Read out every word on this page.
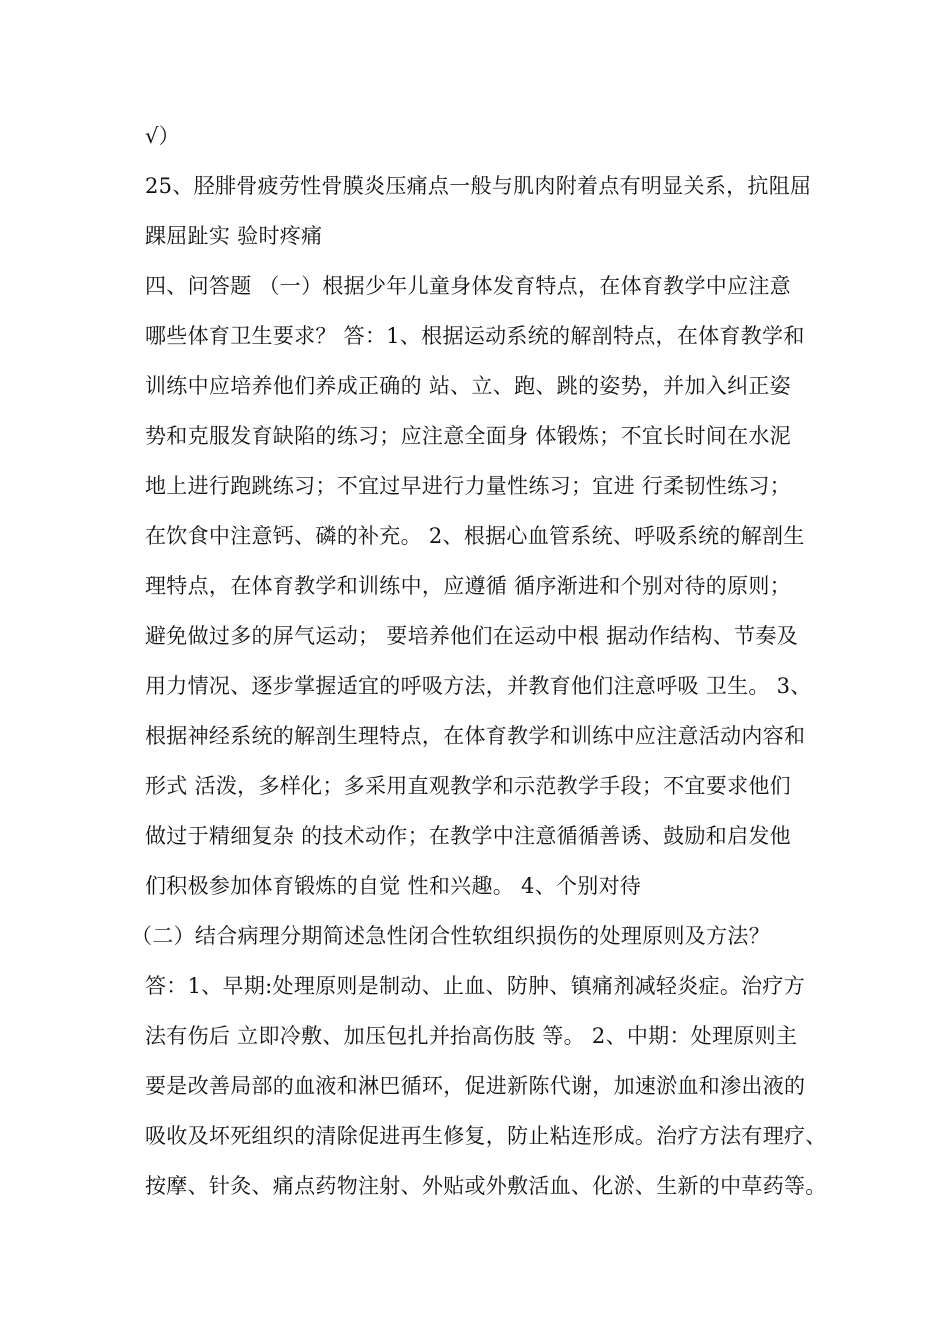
√）
25、胫腓骨疲劳性骨膜炎压痛点一般与肌肉附着点有明显关系，抗阻屈
踝屈趾实 验时疼痛
四、问答题 （一）根据少年儿童身体发育特点，在体育教学中应注意
哪些体育卫生要求？ 答：1、根据运动系统的解剖特点，在体育教学和
训练中应培养他们养成正确的 站、立、跑、跳的姿势，并加入纠正姿
势和克服发育缺陷的练习；应注意全面身 体锻炼；不宜长时间在水泥
地上进行跑跳练习；不宜过早进行力量性练习；宜进 行柔韧性练习；
在饮食中注意钙、磷的补充。 2、根据心血管系统、呼吸系统的解剖生
理特点，在体育教学和训练中，应遵循 循序渐进和个别对待的原则；
避免做过多的屏气运动； 要培养他们在运动中根 据动作结构、节奏及
用力情况、逐步掌握适宜的呼吸方法，并教育他们注意呼吸 卫生。 3、
根据神经系统的解剖生理特点，在体育教学和训练中应注意活动内容和
形式 活泼，多样化；多采用直观教学和示范教学手段；不宜要求他们
做过于精细复杂 的技术动作；在教学中注意循循善诱、鼓励和启发他
们积极参加体育锻炼的自觉 性和兴趣。 4、个别对待
（二）结合病理分期简述急性闭合性软组织损伤的处理原则及方法？
答：1、早期:处理原则是制动、止血、防肿、镇痛剂减轻炎症。治疗方
法有伤后 立即冷敷、加压包扎并抬高伤肢 等。 2、中期：处理原则主
要是改善局部的血液和淋巴循环，促进新陈代谢，加速淤血和渗出液的
吸收及坏死组织的清除促进再生修复，防止粘连形成。治疗方法有理疗、
按摩、针灸、痛点药物注射、外贴或外敷活血、化淤、生新的中草药等。
